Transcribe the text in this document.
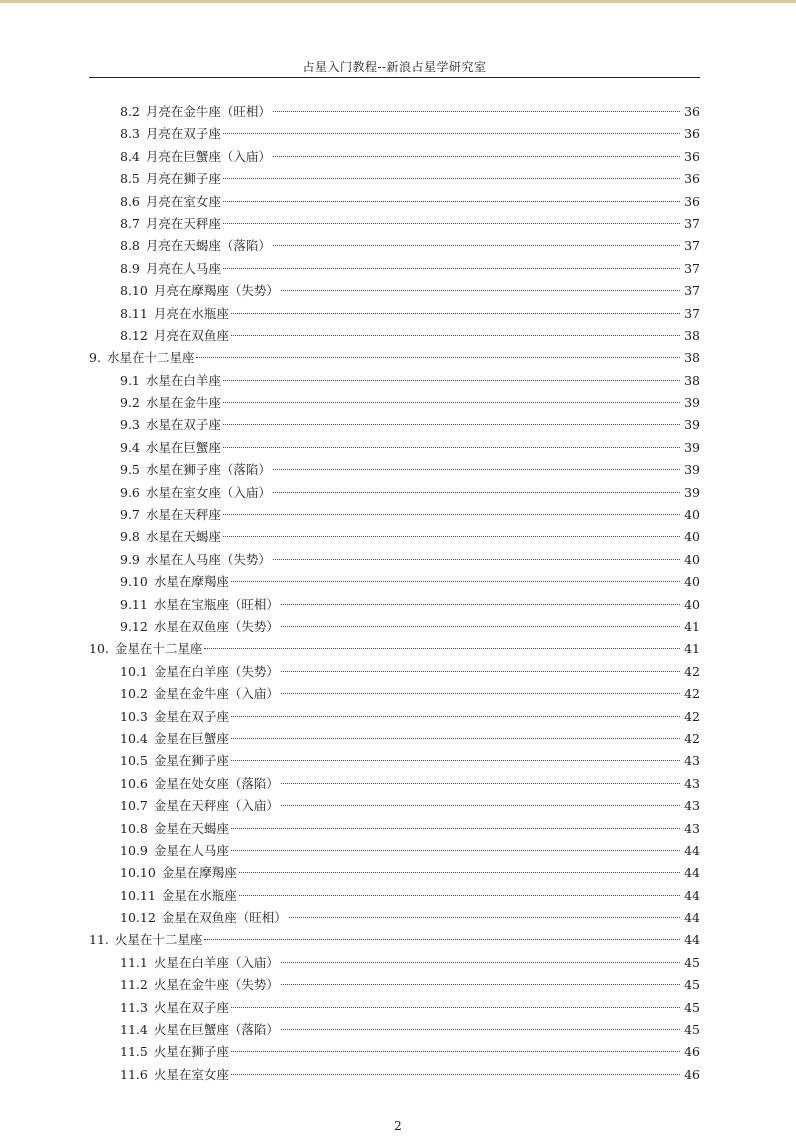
占星入门教程--新浪占星学研究室
8.2 月亮在金牛座（旺相）	36
8.3 月亮在双子座	36
8.4 月亮在巨蟹座（入庙）	36
8.5 月亮在狮子座	36
8.6 月亮在室女座	36
8.7 月亮在天秤座	37
8.8 月亮在天蝎座（落陷）	37
8.9 月亮在人马座	37
8.10 月亮在摩羯座（失势）	37
8.11 月亮在水瓶座	37
8.12 月亮在双鱼座	38
9. 水星在十二星座	38
9.1 水星在白羊座	38
9.2 水星在金牛座	39
9.3 水星在双子座	39
9.4 水星在巨蟹座	39
9.5 水星在狮子座（落陷）	39
9.6 水星在室女座（入庙）	39
9.7 水星在天秤座	40
9.8 水星在天蝎座	40
9.9 水星在人马座（失势）	40
9.10 水星在摩羯座	40
9.11 水星在宝瓶座（旺相）	40
9.12 水星在双鱼座（失势）	41
10. 金星在十二星座	41
10.1 金星在白羊座（失势）	42
10.2 金星在金牛座（入庙）	42
10.3 金星在双子座	42
10.4 金星在巨蟹座	42
10.5 金星在狮子座	43
10.6 金星在处女座（落陷）	43
10.7 金星在天秤座（入庙）	43
10.8 金星在天蝎座	43
10.9 金星在人马座	44
10.10 金星在摩羯座	44
10.11 金星在水瓶座	44
10.12 金星在双鱼座（旺相）	44
11. 火星在十二星座	44
11.1 火星在白羊座（入庙）	45
11.2 火星在金牛座（失势）	45
11.3 火星在双子座	45
11.4 火星在巨蟹座（落陷）	45
11.5 火星在狮子座	46
11.6 火星在室女座	46
2
